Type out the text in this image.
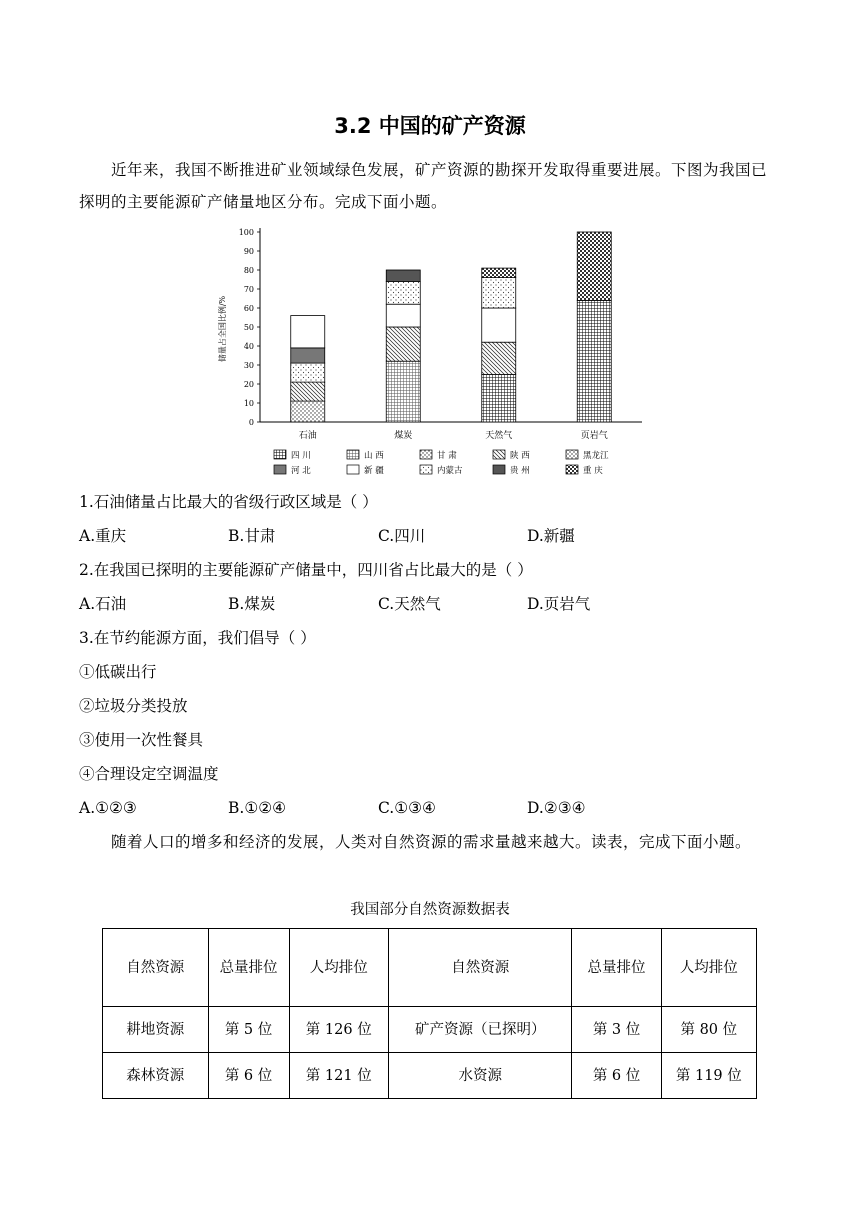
3.2 中国的矿产资源
近年来，我国不断推进矿业领域绿色发展，矿产资源的勘探开发取得重要进展。下图为我国已探明的主要能源矿产储量地区分布。完成下面小题。
0
10
20
30
40
50
60
70
80
90
100
石油	煤炭	天然气	页岩气
四 川	山 西	甘 肃	陕 西	黑龙江
河 北	新 疆	内蒙古	贵 州	重 庆
储量占全国比例/%
1.石油储量占比最大的省级行政区域是（ ）
A.重庆	B.甘肃	C.四川	D.新疆
2.在我国已探明的主要能源矿产储量中，四川省占比最大的是（ ）
A.石油	B.煤炭	C.天然气	D.页岩气
3.在节约能源方面，我们倡导（ ）
①低碳出行
②垃圾分类投放
③使用一次性餐具
④合理设定空调温度
A.①②③	B.①②④	C.①③④	D.②③④
随着人口的增多和经济的发展，人类对自然资源的需求量越来越大。读表，完成下面小题。
我国部分自然资源数据表
自然资源	总量排位	人均排位	自然资源	总量排位	人均排位
耕地资源	第 5 位	第 126 位	矿产资源（已探明）	第 3 位	第 80 位
森林资源	第 6 位	第 121 位	水资源	第 6 位	第 119 位
